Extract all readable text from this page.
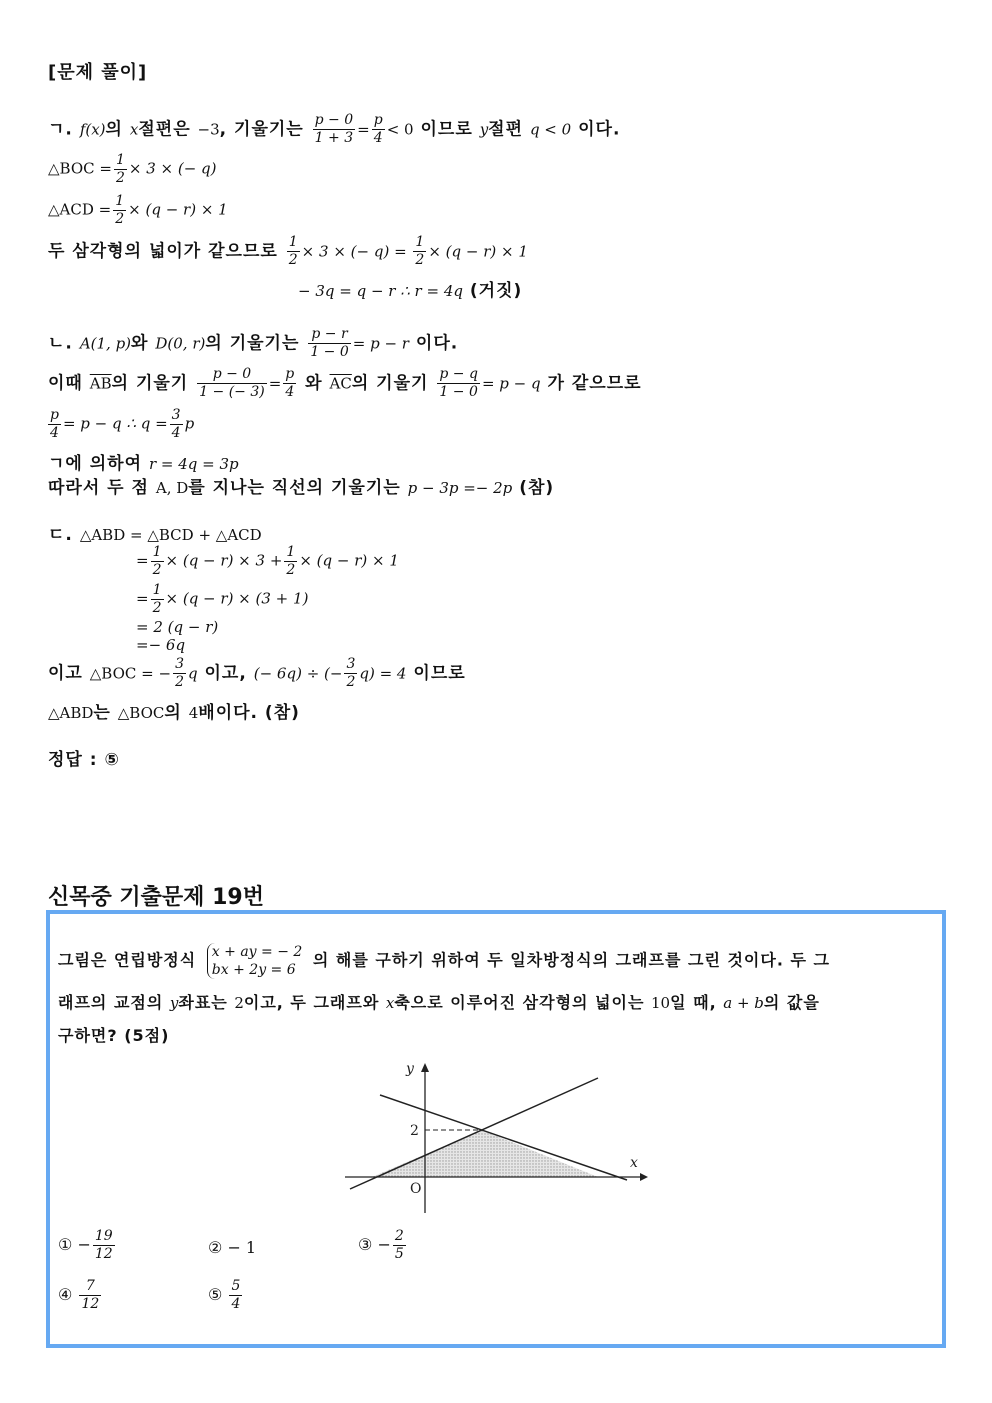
[문제 풀이]
ㄱ. f(x)의 x절편은 −3, 기울기는 $\frac{p - 0}{1 + 3} = \frac{p}{4} < 0$ 이므로 y절편 q < 0 이다.
△BOC = $\frac{1}{2} \times 3$ × (− q)
△ACD = $\frac{1}{2} \times (q - r) \times 1$
두 삼각형의 넓이가 같으므로 $\frac{1}{2} \times 3$ × (− $q) = \frac{1}{2} \times (q - r) \times 1$
− 3q = q − r ∴ r = 4q (거짓)
ㄴ. A(1, p)와 D(0, r)의 기울기는 $\frac{p - r}{1 - 0} = p - r$ 이다.
이때 $\overline{AB}$의 기울기 $\frac{p - 0}{1 - (- 3)} = \frac{p}{4}$ 와 $\overline{AC}$의 기울기 $\frac{p - q}{1 - 0} = p - q$ 가 같으므로
$\frac{p}{4} = p - q$ ∴ $q = \frac{3}{4}$ p
ㄱ에 의하여 r = 4q = 3p
따라서 두 점 A, D를 지나는 직선의 기울기는 p − 3p =− 2p (참)
ㄷ. △ABD = △BCD + △ACD
= $\frac{1}{2} \times (q - r) \times 3 + \frac{1}{2} \times (q - r) \times 1$
= $\frac{1}{2} \times (q - r) \times (3 + 1)$
= 2 (q − r)
=− 6q
이고 △BOC = − $\frac{3}{2}$ q 이고, (− 6q) ÷ (− $\frac{3}{2} q) = 4$ 이므로
△ABD는 △BOC의 4배이다. (참)
정답 : ⑤
신목중 기출문제 19번
그림은 연립방정식 x + ay = − 2
bx + 2y = 6
의 해를 구하기 위하여 두 일차방정식의 그래프를 그린 것이다. 두 그
래프의 교점의 y좌표는 2이고, 두 그래프와 x축으로 이루어진 삼각형의 넓이는 10일 때, a + b의 값을
구하면? (5점)
y
x
2
O
① − $\frac{19}{12}$	② − 1	③ − $\frac{2}{5}$
④ $\frac{7}{12}$	⑤ $\frac{5}{4}$
